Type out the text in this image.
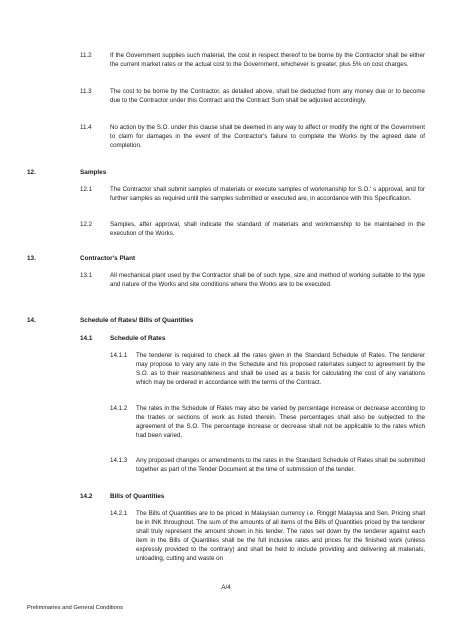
11.2	If the Government supplies such material, the cost in respect thereof to be borne by the Contractor shall be either the current market rates or the actual cost to the Government, whichever is greater, plus 5% on cost charges.
11.3	The cost to be borne by the Contractor, as detailed above, shall be deducted from any money due or to become due to the Contractor under this Contract and the Contract Sum shall be adjusted accordingly.
11.4	No action by the S.O. under this clause shall be deemed in any way to affect or modify the right of the Government to claim for damages in the event of the Contractor's failure to complete the Works by the agreed date of completion.
12.	Samples
12.1	The Contractor shall submit samples of materials or execute samples of workmanship for S.O.' s approval, and for further samples as required until the samples submitted or executed are, in accordance with this Specification.
12.2	Samples, after approval, shall indicate the standard of materials and workmanship to be maintained in the execution of the Works.
13.	Contractor's Plant
13.1	All mechanical plant used by the Contractor shall be of such type, size and method of working suitable to the type and nature of the Works and site conditions where the Works are to be executed.
14.	Schedule of Rates/ Bills of Quantities
14.1	Schedule of Rates
14.1.1 The tenderer is required to check all the rates given in the Standard Schedule of Rates. The tenderer may propose to vary any rate in the Schedule and his proposed rate/rates subject to agreement by the S.O. as to their reasonableness and shall be used as a basis for calculating the cost of any variations which may be ordered in accordance with the terms of the Contract.
14.1.2 The rates in the Schedule of Rates may also be varied by percentage increase or decrease according to the trades or sections of work as listed therein. These percentages shall also be subjected to the agreement of the S.O. The percentage increase or decrease shall not be applicable to the rates which had been varied.
14.1.3 Any proposed changes or amendments to the rates in the Standard Schedule of Rates shall be submitted together as part of the Tender Document at the time of submission of the tender.
14.2	Bills of Quantities
14.2.1 The Bills of Quantities are to be priced in Malaysian currency i.e. Ringgit Malaysia and Sen. Pricing shall be in INK throughout. The sum of the amounts of all items of the Bills of Quantities priced by the tenderer shall truly represent the amount shown in his tender. The rates set down by the tenderer against each item in the Bills of Quantities shall be the full inclusive rates and prices for the finished work (unless expressly provided to the contrary) and shall be held to include providing and delivering all materials, unloading, cutting and waste on
A/4
Preliminaries and General Conditions
